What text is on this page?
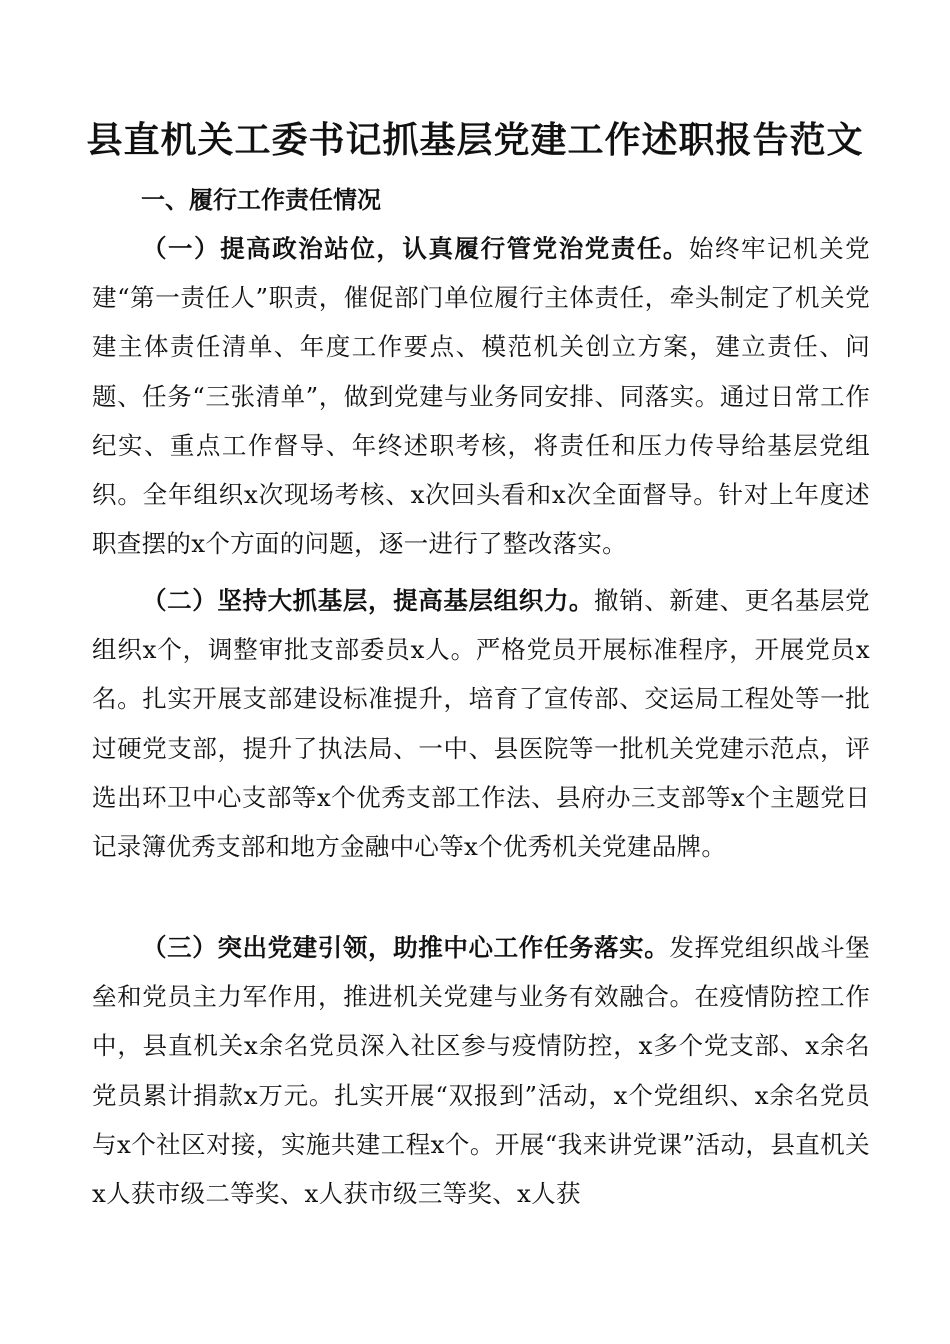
县直机关工委书记抓基层党建工作述职报告范文
一、履行工作责任情况

（一）提高政治站位，认真履行管党治党责任。始终牢记机关党建“第一责任人”职责，催促部门单位履行主体责任，牵头制定了机关党建主体责任清单、年度工作要点、模范机关创立方案，建立责任、问题、任务“三张清单”，做到党建与业务同安排、同落实。通过日常工作纪实、重点工作督导、年终述职考核，将责任和压力传导给基层党组织。全年组织x次现场考核、x次回头看和x次全面督导。针对上年度述职查摆的x个方面的问题，逐一进行了整改落实。

（二）坚持大抓基层，提高基层组织力。撤销、新建、更名基层党组织x个，调整审批支部委员x人。严格党员开展标准程序，开展党员x名。扎实开展支部建设标准提升，培育了宣传部、交运局工程处等一批过硬党支部，提升了执法局、一中、县医院等一批机关党建示范点，评选出环卫中心支部等x个优秀支部工作法、县府办三支部等x个主题党日记录簿优秀支部和地方金融中心等x个优秀机关党建品牌。

（三）突出党建引领，助推中心工作任务落实。发挥党组织战斗堡垒和党员主力军作用，推进机关党建与业务有效融合。在疫情防控工作中，县直机关x余名党员深入社区参与疫情防控，x多个党支部、x余名党员累计捐款x万元。扎实开展“双报到”活动，x个党组织、x余名党员与x个社区对接，实施共建工程x个。开展“我来讲党课”活动，县直机关x人获市级二等奖、x人获市级三等奖、x人获
